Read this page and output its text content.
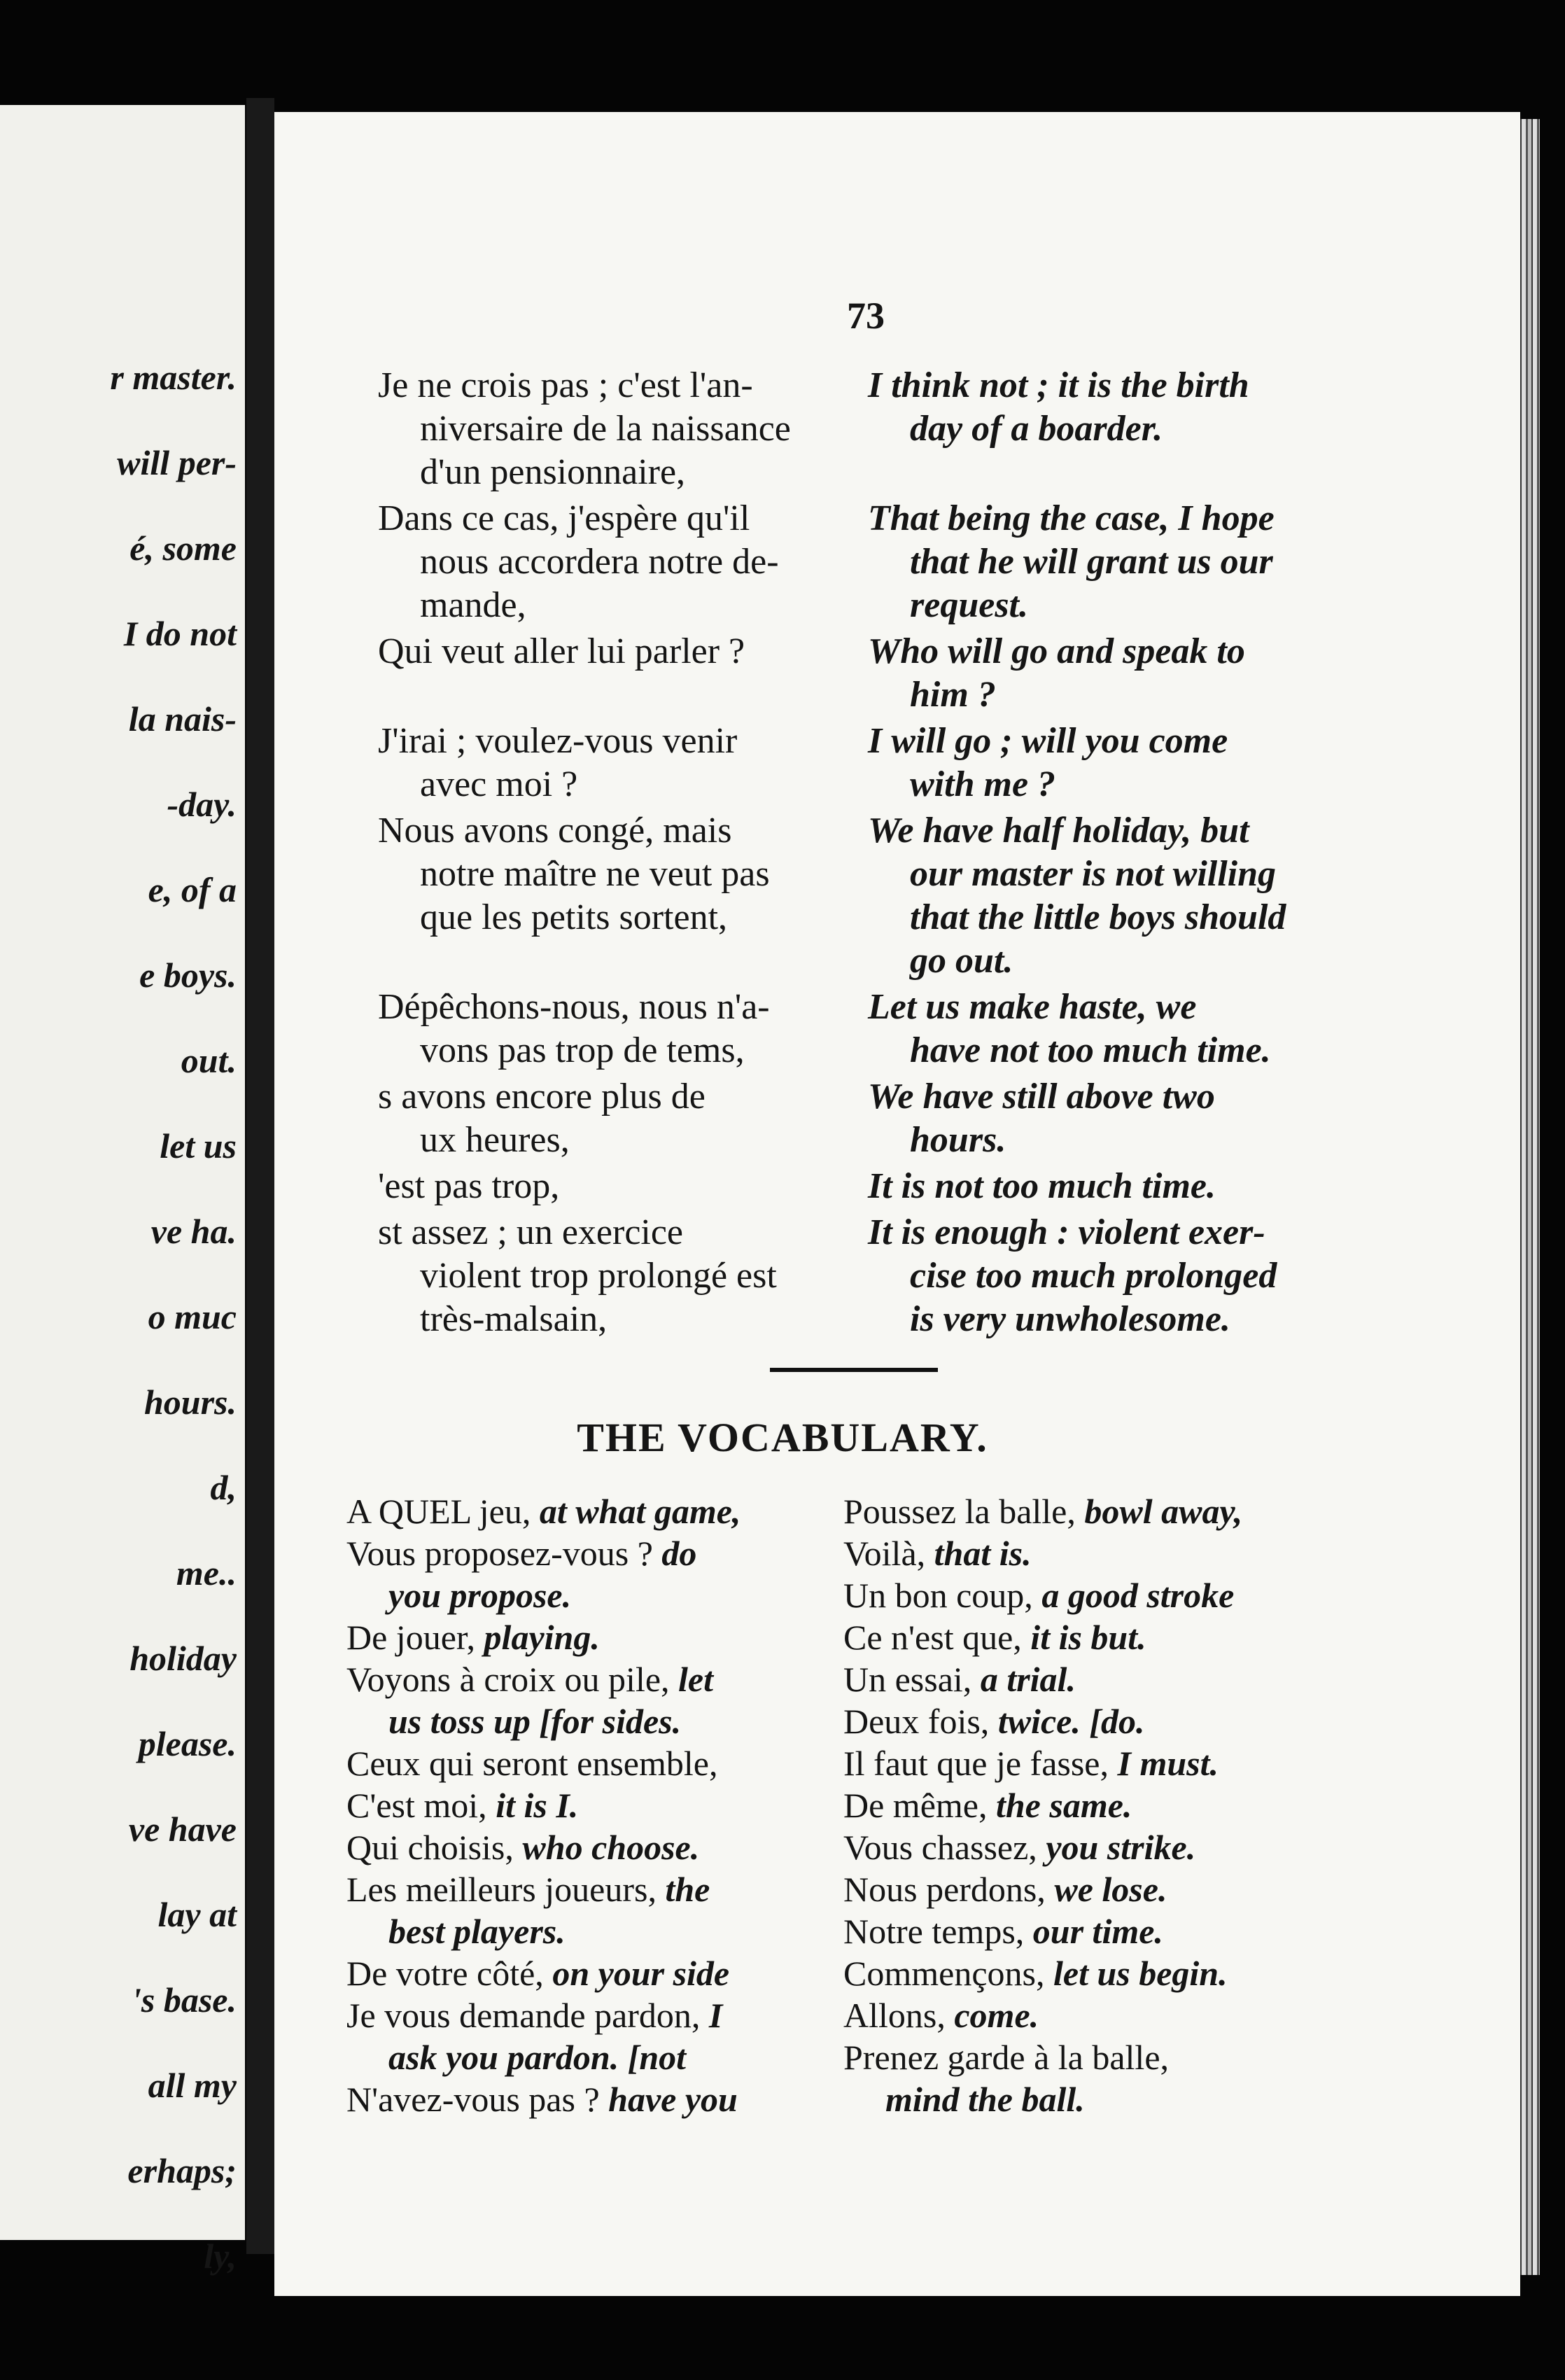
r master.
will per-
é, some
I do not
la nais-
-day.
e, of a
e boys.
out.
let us
ve ha.
o muc
hours.
d,
me..
holiday
please.
ve have
lay at
's base.
all my
erhaps;
ly,
73
Je ne crois pas ; c'est l'an-
niversaire de la naissance
d'un pensionnaire,
I think not ; it is the birth
day of a boarder.
Dans ce cas, j'espère qu'il
nous accordera notre de-
mande,
That being the case, I hope
that he will grant us our
request.
Qui veut aller lui parler ?	Who will go and speak to
him ?
J'irai ; voulez-vous venir
avec moi ?
I will go ; will you come
with me ?
Nous avons congé, mais
notre maître ne veut pas
que les petits sortent,
We have half holiday, but
our master is not willing
that the little boys should
go out.
Dépêchons-nous, nous n'a-
vons pas trop de tems,
Let us make haste, we
have not too much time.
s avons encore plus de
ux heures,
We have still above two
hours.
'est pas trop,	It is not too much time.
st assez ; un exercice
violent trop prolongé est
très-malsain,
It is enough : violent exer-
cise too much prolonged
is very unwholesome.
THE VOCABULARY.
A QUEL jeu, at what game,
Vous proposez-vous ? do
you propose.
De jouer, playing.
Voyons à croix ou pile, let
us toss up [for sides.
Ceux qui seront ensemble,
C'est moi, it is I.
Qui choisis, who choose.
Les meilleurs joueurs, the
best players.
De votre côté, on your side
Je vous demande pardon, I
ask you pardon. [not
N'avez-vous pas ? have you
Poussez la balle, bowl away,
Voilà, that is.
Un bon coup, a good stroke
Ce n'est que, it is but.
Un essai, a trial.
Deux fois, twice. [do.
Il faut que je fasse, I must.
De même, the same.
Vous chassez, you strike.
Nous perdons, we lose.
Notre temps, our time.
Commençons, let us begin.
Allons, come.
Prenez garde à la balle,
mind the ball.
